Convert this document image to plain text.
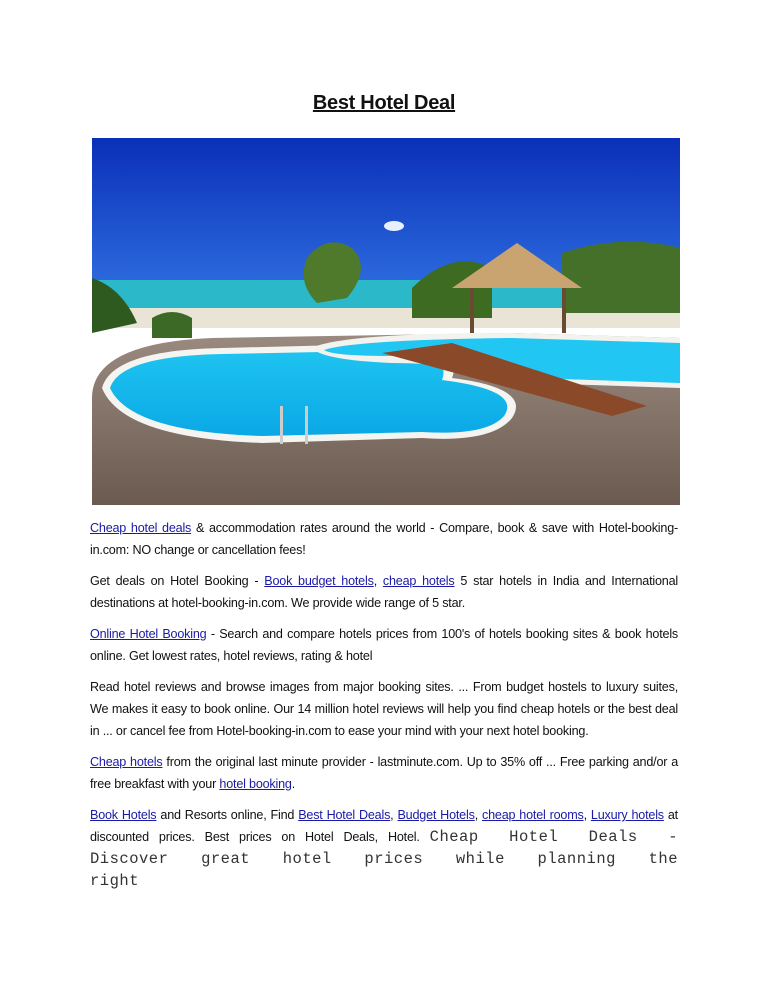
Best Hotel Deal

Cheap hotel deals & accommodation rates around the world - Compare, book & save with Hotel-booking-in.com: NO change or cancellation fees!

Get deals on Hotel Booking - Book budget hotels, cheap hotels 5 star hotels in India and International destinations at hotel-booking-in.com. We provide wide range of 5 star.

Online Hotel Booking - Search and compare hotels prices from 100's of hotels booking sites & book hotels online. Get lowest rates, hotel reviews, rating & hotel

Read hotel reviews and browse images from major booking sites. ... From budget hostels to luxury suites, We makes it easy to book online. Our 14 million hotel reviews will help you find cheap hotels or the best deal in ... or cancel fee from Hotel-booking-in.com to ease your mind with your next hotel booking.

Cheap hotels from the original last minute provider - lastminute.com. Up to 35% off ... Free parking and/or a free breakfast with your hotel booking.

Book Hotels and Resorts online, Find Best Hotel Deals, Budget Hotels, cheap hotel rooms, Luxury hotels at discounted prices. Best prices on Hotel Deals, Hotel. Cheap Hotel Deals - Discover great hotel prices while planning the right
